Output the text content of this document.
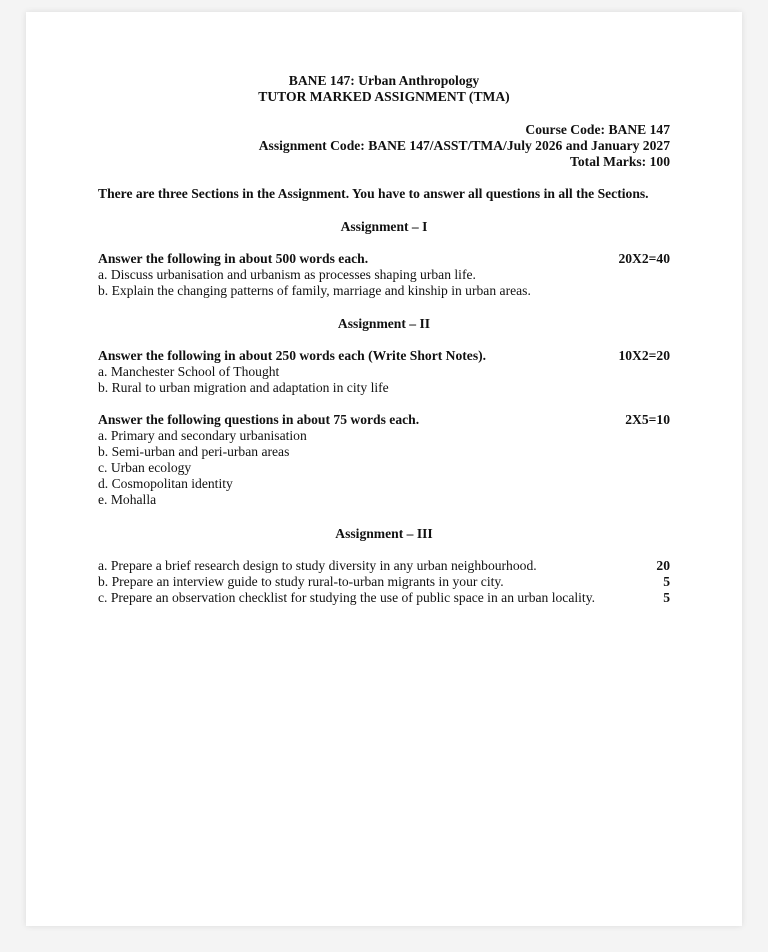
BANE 147: Urban Anthropology
TUTOR MARKED ASSIGNMENT (TMA)
Course Code: BANE 147
Assignment Code: BANE 147/ASST/TMA/July 2026 and January 2027
Total Marks: 100
There are three Sections in the Assignment. You have to answer all questions in all the Sections.
Assignment – I
Answer the following in about 500 words each.	20X2=40
a. Discuss urbanisation and urbanism as processes shaping urban life.
b. Explain the changing patterns of family, marriage and kinship in urban areas.
Assignment – II
Answer the following in about 250 words each (Write Short Notes).	10X2=20
a. Manchester School of Thought
b. Rural to urban migration and adaptation in city life
Answer the following questions in about 75 words each.	2X5=10
a. Primary and secondary urbanisation
b. Semi-urban and peri-urban areas
c. Urban ecology
d. Cosmopolitan identity
e. Mohalla
Assignment – III
a. Prepare a brief research design to study diversity in any urban neighbourhood.	20
b. Prepare an interview guide to study rural-to-urban migrants in your city.	5
c. Prepare an observation checklist for studying the use of public space in an urban locality.	5
